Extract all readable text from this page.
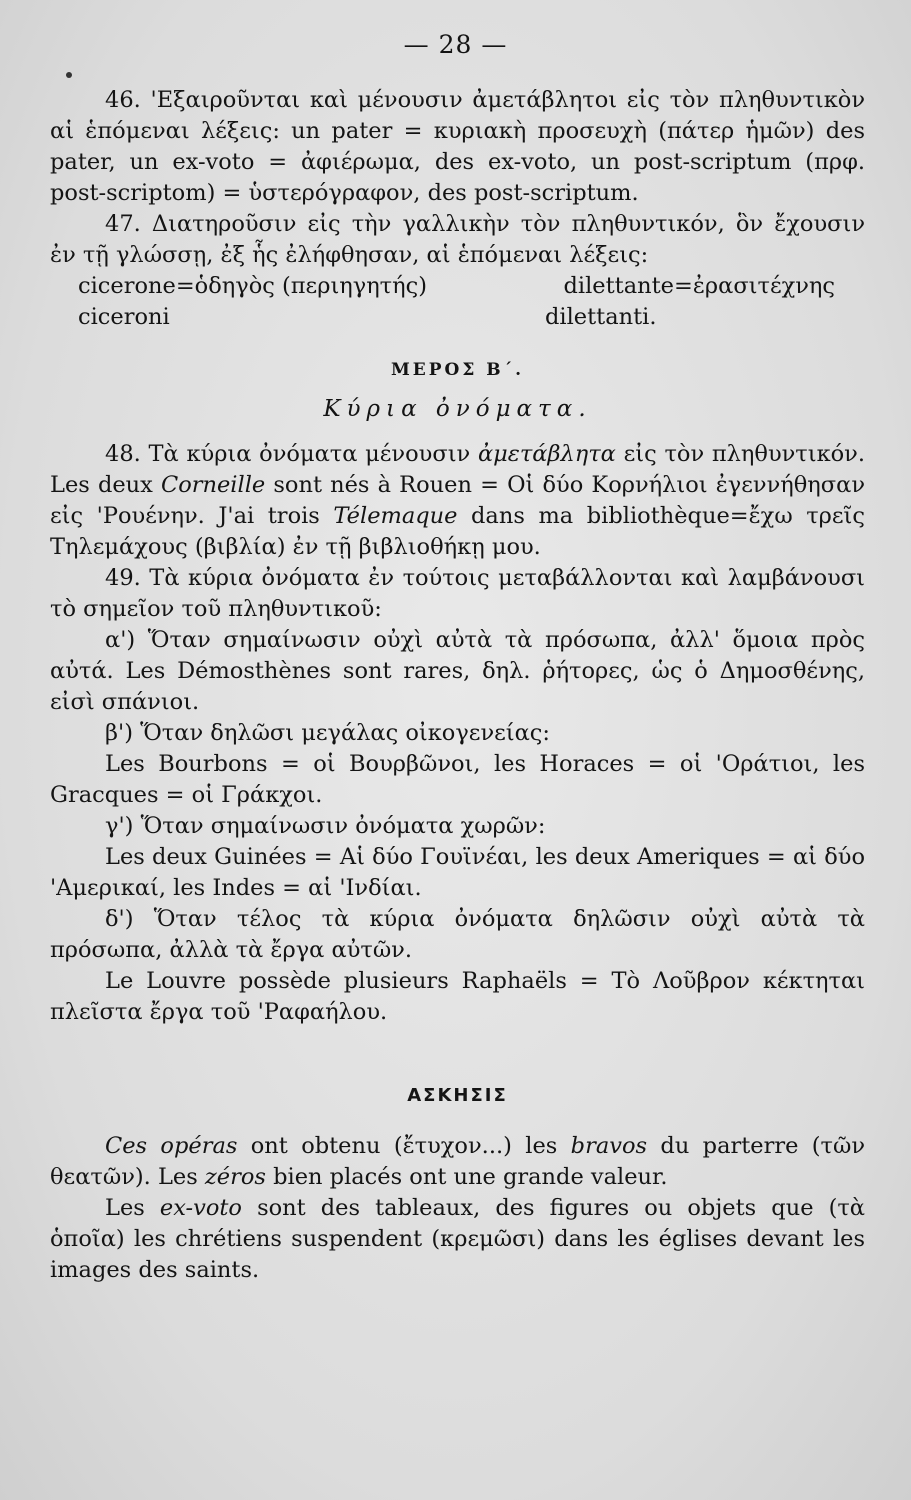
— 28 —

46. 'Εξαιροῦνται καὶ μένουσιν ἀμετάβλητοι εἰς τὸν πληθυντικὸν αἱ ἑπόμεναι λέξεις: un pater = κυριακὴ προσευχὴ (πάτερ ἡμῶν) des pater, un ex-voto = ἀφιέρωμα, des ex-voto, un post-scriptum (πρφ. post-scriptom) = ὑστερόγραφον, des post-scriptum.

47. Διατηροῦσιν εἰς τὴν γαλλικὴν τὸν πληθυντικόν, ὃν ἔχουσιν ἐν τῇ γλώσσῃ, ἐξ ἧς ἐλήφθησαν, αἱ ἑπόμεναι λέξεις:

cicerone=ὁδηγὸς (περιηγητής)	dilettante=ἐρασιτέχνης
ciceroni	dilettanti.
ΜΕΡΟΣ Β΄.
Κύρια ὀνόματα.

48. Τὰ κύρια ὀνόματα μένουσιν ἀμετάβλητα εἰς τὸν πληθυντικόν. Les deux Corneille sont nés à Rouen = Οἱ δύο Κορνήλιοι ἐγεννήθησαν εἰς 'Ρουένην. J'ai trois Télemaque dans ma bibliothèque=ἔχω τρεῖς Τηλεμάχους (βιβλία) ἐν τῇ βιβλιοθήκῃ μου.

49. Τὰ κύρια ὀνόματα ἐν τούτοις μεταβάλλονται καὶ λαμβάνουσι τὸ σημεῖον τοῦ πληθυντικοῦ:

α') Ὅταν σημαίνωσιν οὐχὶ αὐτὰ τὰ πρόσωπα, ἀλλ' ὅμοια πρὸς αὐτά. Les Démosthènes sont rares, δηλ. ῥήτορες, ὡς ὁ Δημοσθένης, εἰσὶ σπάνιοι.

β') Ὅταν δηλῶσι μεγάλας οἰκογενείας:

Les Bourbons = οἱ Βουρβῶνοι, les Horaces = οἱ 'Οράτιοι, les Gracques = οἱ Γράκχοι.

γ') Ὅταν σημαίνωσιν ὀνόματα χωρῶν:

Les deux Guinées = Αἱ δύο Γουϊνέαι, les deux Ameriques = αἱ δύο 'Αμερικαί, les Indes = αἱ 'Ινδίαι.

δ') Ὅταν τέλος τὰ κύρια ὀνόματα δηλῶσιν οὐχὶ αὐτὰ τὰ πρόσωπα, ἀλλὰ τὰ ἔργα αὐτῶν.

Le Louvre possède plusieurs Raphaëls = Τὸ Λοῦβρον κέκτηται πλεῖστα ἔργα τοῦ 'Ραφαήλου.

ΑΣΚΗΣΙΣ

Ces opéras ont obtenu (ἔτυχον...) les bravos du parterre (τῶν θεατῶν). Les zéros bien placés ont une grande valeur.

Les ex-voto sont des tableaux, des figures ou objets que (τὰ ὁποῖα) les chrétiens suspendent (κρεμῶσι) dans les églises devant les images des saints.
